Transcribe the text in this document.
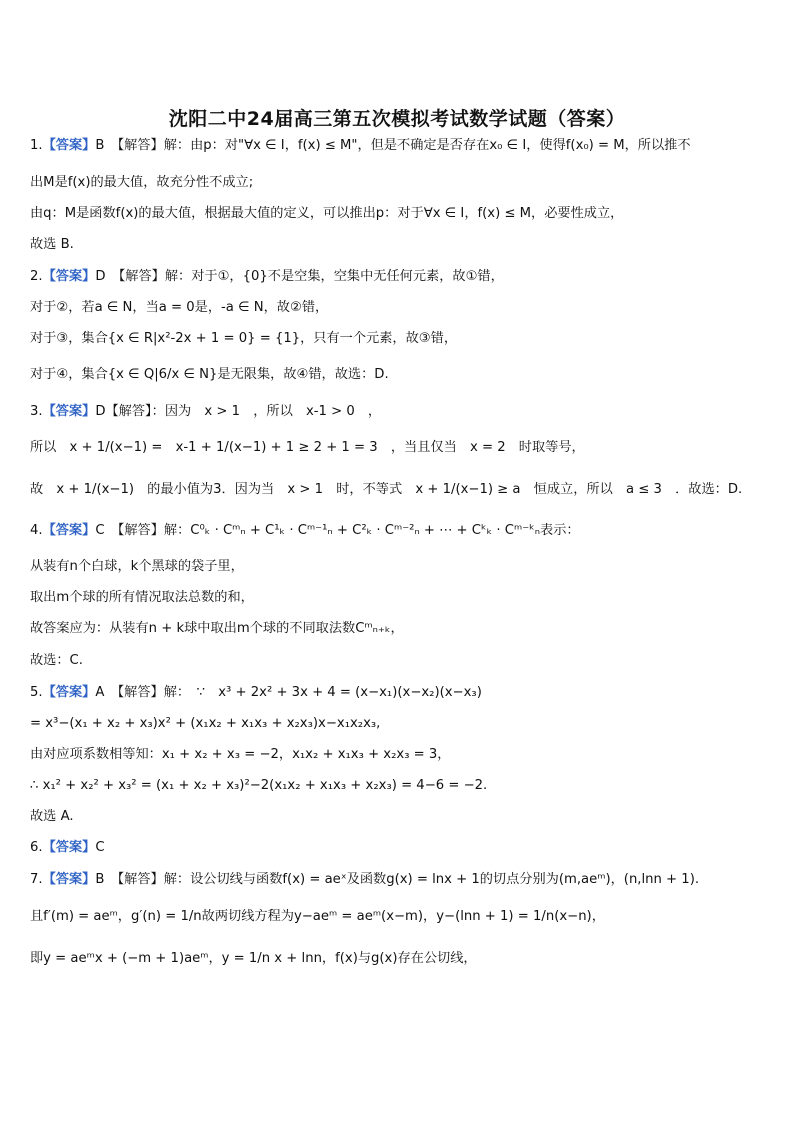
沈阳二中24届高三第五次模拟考试数学试题（答案）
1.【答案】B　【解答】解：由p：对"∀x ∈ I，f(x) ≤ M"，但是不确定是否存在x₀ ∈ I，使得f(x₀) = M，所以推不
出M是f(x)的最大值，故充分性不成立;
由q：M是函数f(x)的最大值，根据最大值的定义，可以推出p：对于∀x ∈ I，f(x) ≤ M，必要性成立，
故选 B.
2.【答案】D　【解答】解：对于①，{0}不是空集，空集中无任何元素，故①错，
对于②，若a ∈ N，当a = 0是，-a ∈ N，故②错，
对于③，集合{x ∈ R|x²-2x + 1 = 0} = {1}，只有一个元素，故③错，
对于④，集合{x ∈ Q|6/x ∈ N}是无限集，故④错，故选：D.
3.【答案】D【解答】：因为　x > 1　，所以　x-1 > 0　，
所以　x + 1/(x−1) =　x-1 + 1/(x−1) + 1 ≥ 2 + 1 = 3　，当且仅当　x = 2　时取等号，
故　x + 1/(x−1)　的最小值为3．因为当　x > 1　时，不等式　x + 1/(x−1) ≥ a　恒成立，所以　a ≤ 3　．故选：D.
4.【答案】C　【解答】解：C⁰ₖ · Cᵐₙ + C¹ₖ · Cᵐ⁻¹ₙ + C²ₖ · Cᵐ⁻²ₙ + ⋯ + Cᵏₖ · Cᵐ⁻ᵏₙ表示：
从装有n个白球，k个黑球的袋子里，
取出m个球的所有情况取法总数的和，
故答案应为：从装有n + k球中取出m个球的不同取法数Cᵐₙ₊ₖ，
故选：C.
5.【答案】A　【解答】解：　∵　x³ + 2x² + 3x + 4 = (x−x₁)(x−x₂)(x−x₃)
= x³−(x₁ + x₂ + x₃)x² + (x₁x₂ + x₁x₃ + x₂x₃)x−x₁x₂x₃,
由对应项系数相等知：x₁ + x₂ + x₃ = −2，x₁x₂ + x₁x₃ + x₂x₃ = 3，
∴ x₁² + x₂² + x₃² = (x₁ + x₂ + x₃)²−2(x₁x₂ + x₁x₃ + x₂x₃) = 4−6 = −2.
故选 A.
6.【答案】C
7.【答案】B　【解答】解：设公切线与函数f(x) = aeˣ及函数g(x) = lnx + 1的切点分别为(m,aeᵐ)，(n,lnn + 1).
且f′(m) = aeᵐ，g′(n) = 1/n故两切线方程为y−aeᵐ = aeᵐ(x−m)，y−(lnn + 1) = 1/n(x−n)，
即y = aeᵐx + (−m + 1)aeᵐ，y = 1/n x + lnn，f(x)与g(x)存在公切线，
